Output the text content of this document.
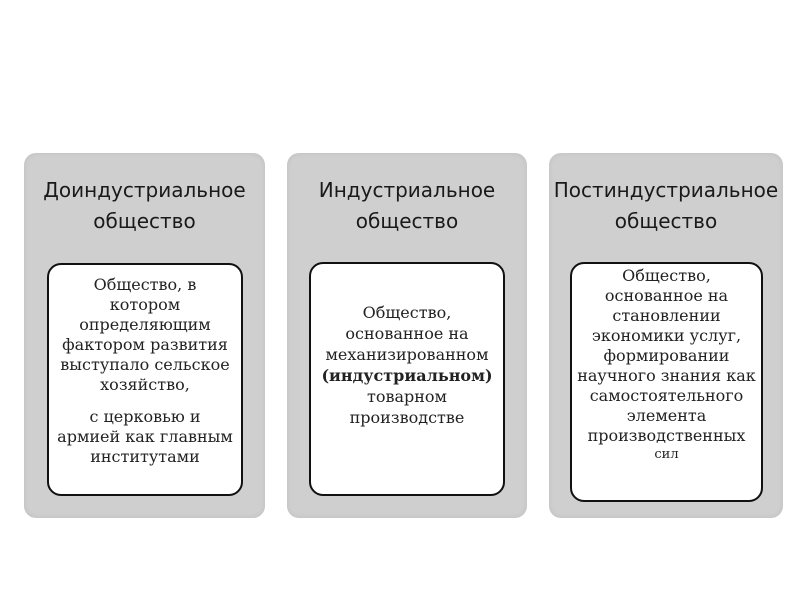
Доиндустриальное
общество
Общество, в
котором
определяющим
фактором развития
выступало сельское
хозяйство,
с церковью и
армией как главным
институтами
Индустриальное
общество
Общество,
основанное на
механизированном
(индустриальном)
товарном
производстве
Постиндустриальное
общество
Общество,
основанное на
становлении
экономики услуг,
формировании
научного знания как
самостоятельного
элемента
производственных
сил
